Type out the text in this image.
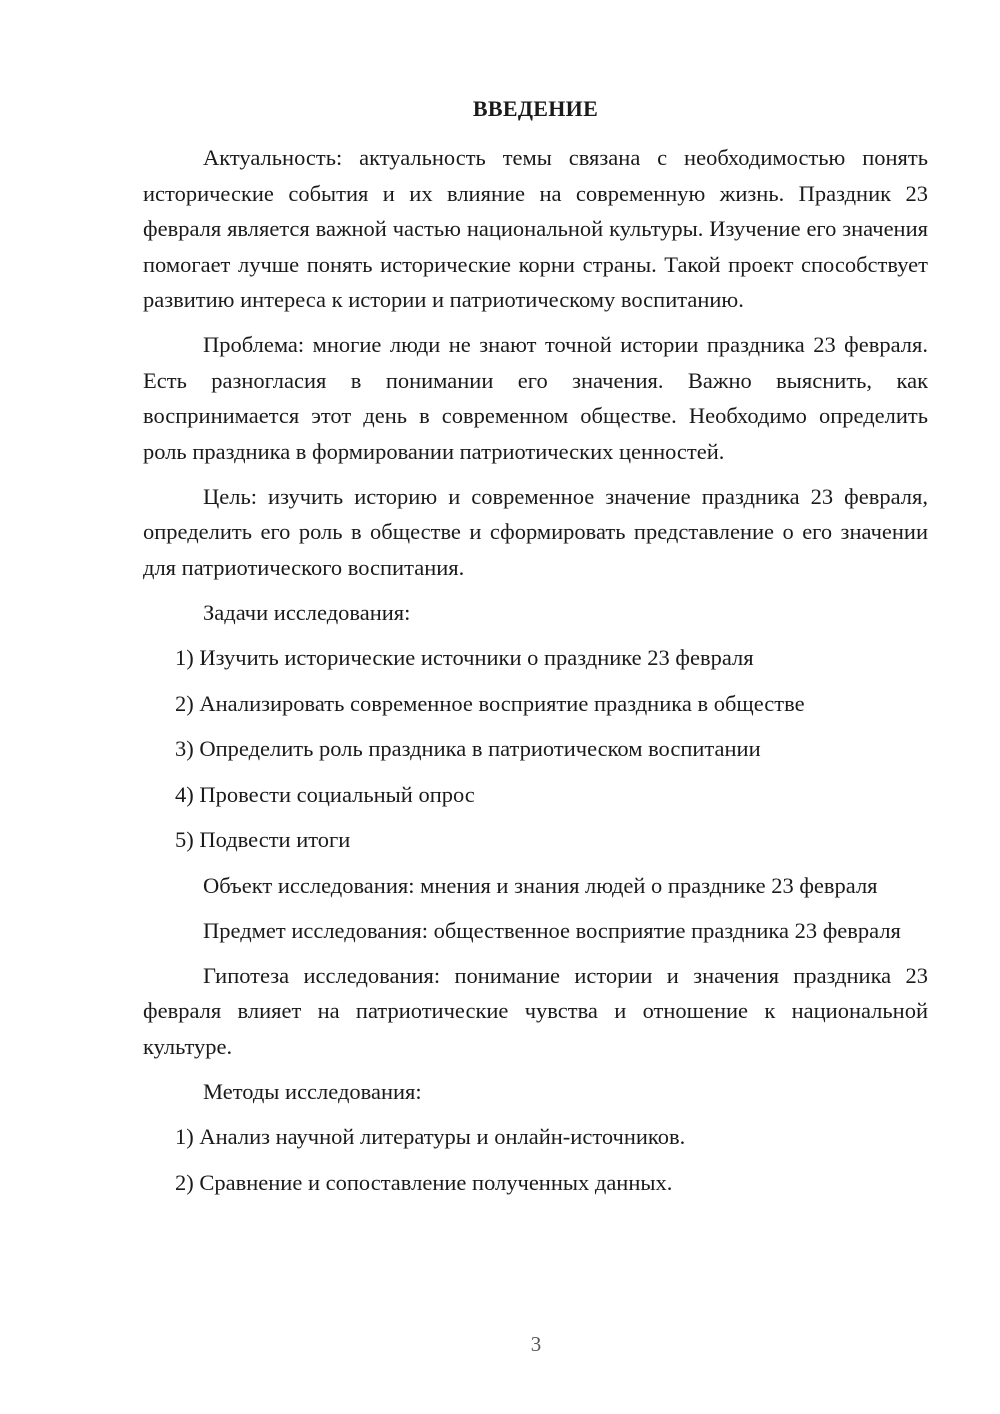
ВВЕДЕНИЕ

Актуальность: актуальность темы связана с необходимостью понять исторические события и их влияние на современную жизнь. Праздник 23 февраля является важной частью национальной культуры. Изучение его значения помогает лучше понять исторические корни страны. Такой проект способствует развитию интереса к истории и патриотическому воспитанию.

Проблема: многие люди не знают точной истории праздника 23 февраля. Есть разногласия в понимании его значения. Важно выяснить, как воспринимается этот день в современном обществе. Необходимо определить роль праздника в формировании патриотических ценностей.

Цель: изучить историю и современное значение праздника 23 февраля, определить его роль в обществе и сформировать представление о его значении для патриотического воспитания.

Задачи исследования:

1) Изучить исторические источники о празднике 23 февраля
2) Анализировать современное восприятие праздника в обществе
3) Определить роль праздника в патриотическом воспитании
4) Провести социальный опрос
5) Подвести итоги

Объект исследования: мнения и знания людей о празднике 23 февраля

Предмет исследования: общественное восприятие праздника 23 февраля

Гипотеза исследования: понимание истории и значения праздника 23 февраля влияет на патриотические чувства и отношение к национальной культуре.

Методы исследования:

1) Анализ научной литературы и онлайн-источников.
2) Сравнение и сопоставление полученных данных.
3
